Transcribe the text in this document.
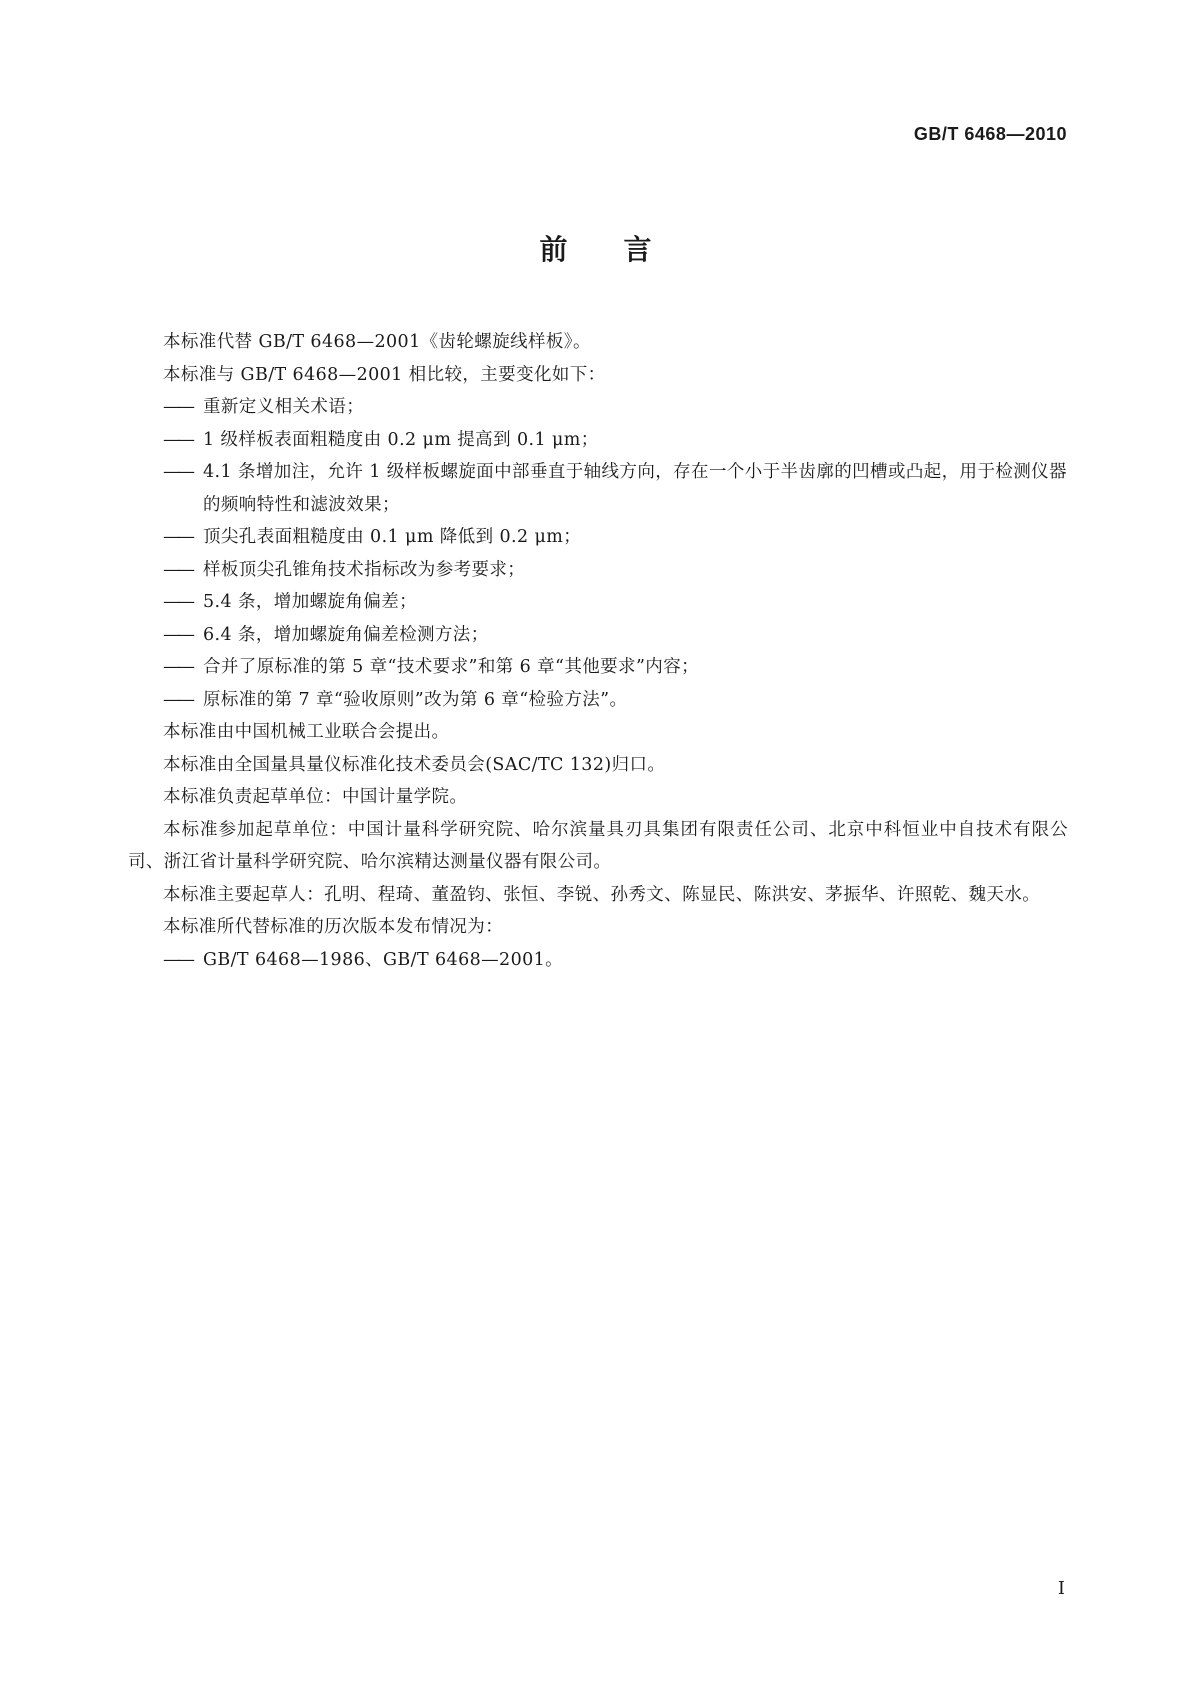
GB/T 6468—2010
前言

本标准代替 GB/T 6468—2001《齿轮螺旋线样板》。

本标准与 GB/T 6468—2001 相比较，主要变化如下：

—— 重新定义相关术语；

—— 1 级样板表面粗糙度由 0.2 μm 提高到 0.1 μm；

—— 4.1 条增加注，允许 1 级样板螺旋面中部垂直于轴线方向，存在一个小于半齿廓的凹槽或凸起，用于检测仪器的频响特性和滤波效果；

—— 顶尖孔表面粗糙度由 0.1 μm 降低到 0.2 μm；

—— 样板顶尖孔锥角技术指标改为参考要求；

—— 5.4 条，增加螺旋角偏差；

—— 6.4 条，增加螺旋角偏差检测方法；

—— 合并了原标准的第 5 章“技术要求”和第 6 章“其他要求”内容；

—— 原标准的第 7 章“验收原则”改为第 6 章“检验方法”。

本标准由中国机械工业联合会提出。

本标准由全国量具量仪标准化技术委员会(SAC/TC 132)归口。

本标准负责起草单位：中国计量学院。

本标准参加起草单位：中国计量科学研究院、哈尔滨量具刃具集团有限责任公司、北京中科恒业中自技术有限公司、浙江省计量科学研究院、哈尔滨精达测量仪器有限公司。

本标准主要起草人：孔明、程琦、董盈钧、张恒、李锐、孙秀文、陈显民、陈洪安、茅振华、许照乾、魏天水。

本标准所代替标准的历次版本发布情况为：

—— GB/T 6468—1986、GB/T 6468—2001。

I
